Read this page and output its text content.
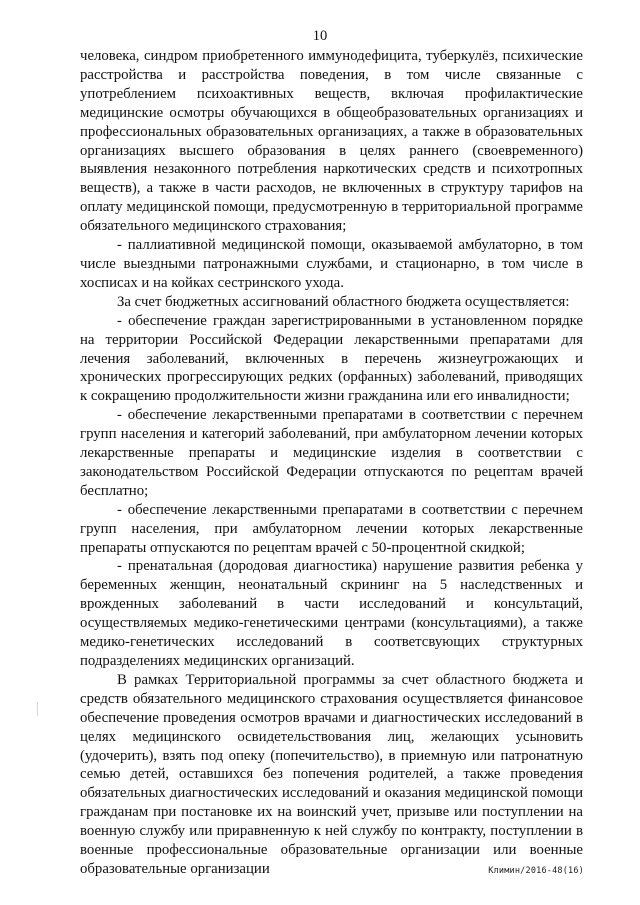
10

человека, синдром приобретенного иммунодефицита, туберкулёз, психические расстройства и расстройства поведения, в том числе связанные с употреблением психоактивных веществ, включая профилактические медицинские осмотры обучающихся в общеобразовательных организациях и профессиональных образовательных организациях, а также в образовательных организациях высшего образования в целях раннего (своевременного) выявления незаконного потребления наркотических средств и психотропных веществ), а также в части расходов, не включенных в структуру тарифов на оплату медицинской помощи, предусмотренную в территориальной программе обязательного медицинского страхования;

- паллиативной медицинской помощи, оказываемой амбулаторно, в том числе выездными патронажными службами, и стационарно, в том числе в хосписах и на койках сестринского ухода.

За счет бюджетных ассигнований областного бюджета осуществляется:

- обеспечение граждан зарегистрированными в установленном порядке на территории Российской Федерации лекарственными препаратами для лечения заболеваний, включенных в перечень жизнеугрожающих и хронических прогрессирующих редких (орфанных) заболеваний, приводящих к сокращению продолжительности жизни гражданина или его инвалидности;

- обеспечение лекарственными препаратами в соответствии с перечнем групп населения и категорий заболеваний, при амбулаторном лечении которых лекарственные препараты и медицинские изделия в соответствии с законодательством Российской Федерации отпускаются по рецептам врачей бесплатно;

- обеспечение лекарственными препаратами в соответствии с перечнем групп населения, при амбулаторном лечении которых лекарственные препараты отпускаются по рецептам врачей с 50-процентной скидкой;

- пренатальная (дородовая диагностика) нарушение развития ребенка у беременных женщин, неонатальный скрининг на 5 наследственных и врожденных заболеваний в части исследований и консультаций, осуществляемых медико-генетическими центрами (консультациями), а также медико-генетических исследований в соответсвующих структурных подразделениях медицинских организаций.

В рамках Территориальной программы за счет областного бюджета и средств обязательного медицинского страхования осуществляется финансовое обеспечение проведения осмотров врачами и диагностических исследований в целях медицинского освидетельствования лиц, желающих усыновить (удочерить), взять под опеку (попечительство), в приемную или патронатную семью детей, оставшихся без попечения родителей, а также проведения обязательных диагностических исследований и оказания медицинской помощи гражданам при постановке их на воинский учет, призыве или поступлении на военную службу или приравненную к ней службу по контракту, поступлении в военные профессиональные образовательные организации или военные образовательные организации	Климин/2016-48(16)
